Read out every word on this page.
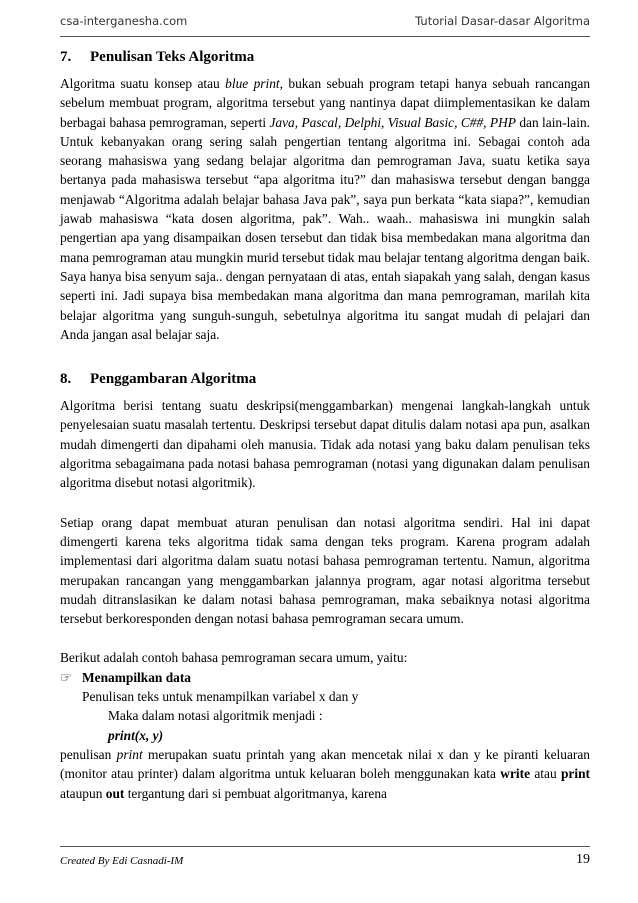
csa-interganesha.com	Tutorial Dasar-dasar Algoritma
7. Penulisan Teks Algoritma

Algoritma suatu konsep atau blue print, bukan sebuah program tetapi hanya sebuah rancangan sebelum membuat program, algoritma tersebut yang nantinya dapat diimplementasikan ke dalam berbagai bahasa pemrograman, seperti Java, Pascal, Delphi, Visual Basic, C##, PHP dan lain-lain. Untuk kebanyakan orang sering salah pengertian tentang algoritma ini. Sebagai contoh ada seorang mahasiswa yang sedang belajar algoritma dan pemrograman Java, suatu ketika saya bertanya pada mahasiswa tersebut “apa algoritma itu?” dan mahasiswa tersebut dengan bangga menjawab “Algoritma adalah belajar bahasa Java pak”, saya pun berkata “kata siapa?”, kemudian jawab mahasiswa “kata dosen algoritma, pak”. Wah.. waah.. mahasiswa ini mungkin salah pengertian apa yang disampaikan dosen tersebut dan tidak bisa membedakan mana algoritma dan mana pemrograman atau mungkin murid tersebut tidak mau belajar tentang algoritma dengan baik. Saya hanya bisa senyum saja.. dengan pernyataan di atas, entah siapakah yang salah, dengan kasus seperti ini. Jadi supaya bisa membedakan mana algoritma dan mana pemrograman, marilah kita belajar algoritma yang sunguh-sunguh, sebetulnya algoritma itu sangat mudah di pelajari dan Anda jangan asal belajar saja.

8. Penggambaran Algoritma

Algoritma berisi tentang suatu deskripsi(menggambarkan) mengenai langkah-langkah untuk penyelesaian suatu masalah tertentu. Deskripsi tersebut dapat ditulis dalam notasi apa pun, asalkan mudah dimengerti dan dipahami oleh manusia. Tidak ada notasi yang baku dalam penulisan teks algoritma sebagaimana pada notasi bahasa pemrograman (notasi yang digunakan dalam penulisan algoritma disebut notasi algoritmik).

Setiap orang dapat membuat aturan penulisan dan notasi algoritma sendiri. Hal ini dapat dimengerti karena teks algoritma tidak sama dengan teks program. Karena program adalah implementasi dari algoritma dalam suatu notasi bahasa pemrograman tertentu. Namun, algoritma merupakan rancangan yang menggambarkan jalannya program, agar notasi algoritma tersebut mudah ditranslasikan ke dalam notasi bahasa pemrograman, maka sebaiknya notasi algoritma tersebut berkoresponden dengan notasi bahasa pemrograman secara umum.

Berikut adalah contoh bahasa pemrograman secara umum, yaitu:

☞ Menampilkan data
Penulisan teks untuk menampilkan variabel x dan y
Maka dalam notasi algoritmik menjadi :
print(x, y)

penulisan print merupakan suatu printah yang akan mencetak nilai x dan y ke piranti keluaran (monitor atau printer) dalam algoritma untuk keluaran boleh menggunakan kata write atau print ataupun out tergantung dari si pembuat algoritmanya, karena

Created By Edi Casnadi-IM	19
